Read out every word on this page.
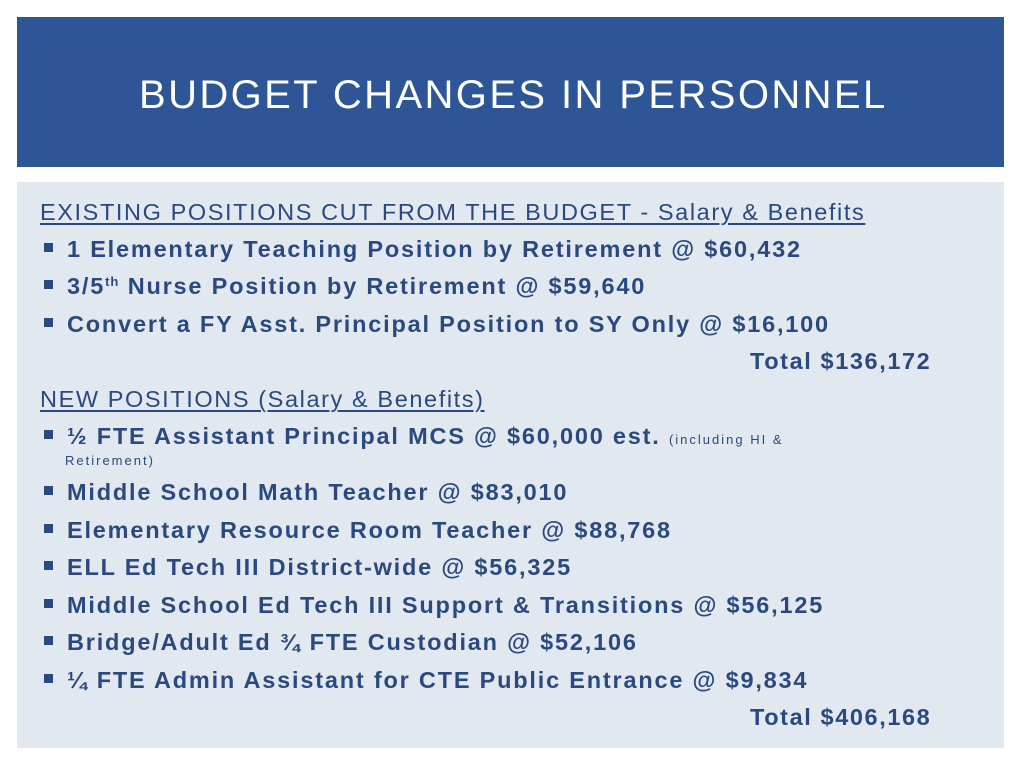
BUDGET CHANGES IN PERSONNEL
EXISTING POSITIONS CUT FROM THE BUDGET - Salary & Benefits
1 Elementary Teaching Position by Retirement @ $60,432
3/5th Nurse Position by Retirement @ $59,640
Convert a FY Asst. Principal Position to SY Only @ $16,100
Total $136,172
NEW POSITIONS (Salary & Benefits)
½ FTE Assistant Principal MCS @ $60,000 est. (including HI &
Retirement)
Middle School Math Teacher @ $83,010
Elementary Resource Room Teacher @ $88,768
ELL Ed Tech III District-wide @ $56,325
Middle School Ed Tech III Support & Transitions @ $56,125
Bridge/Adult Ed ¾ FTE Custodian @ $52,106
¼ FTE Admin Assistant for CTE Public Entrance @ $9,834
Total $406,168
